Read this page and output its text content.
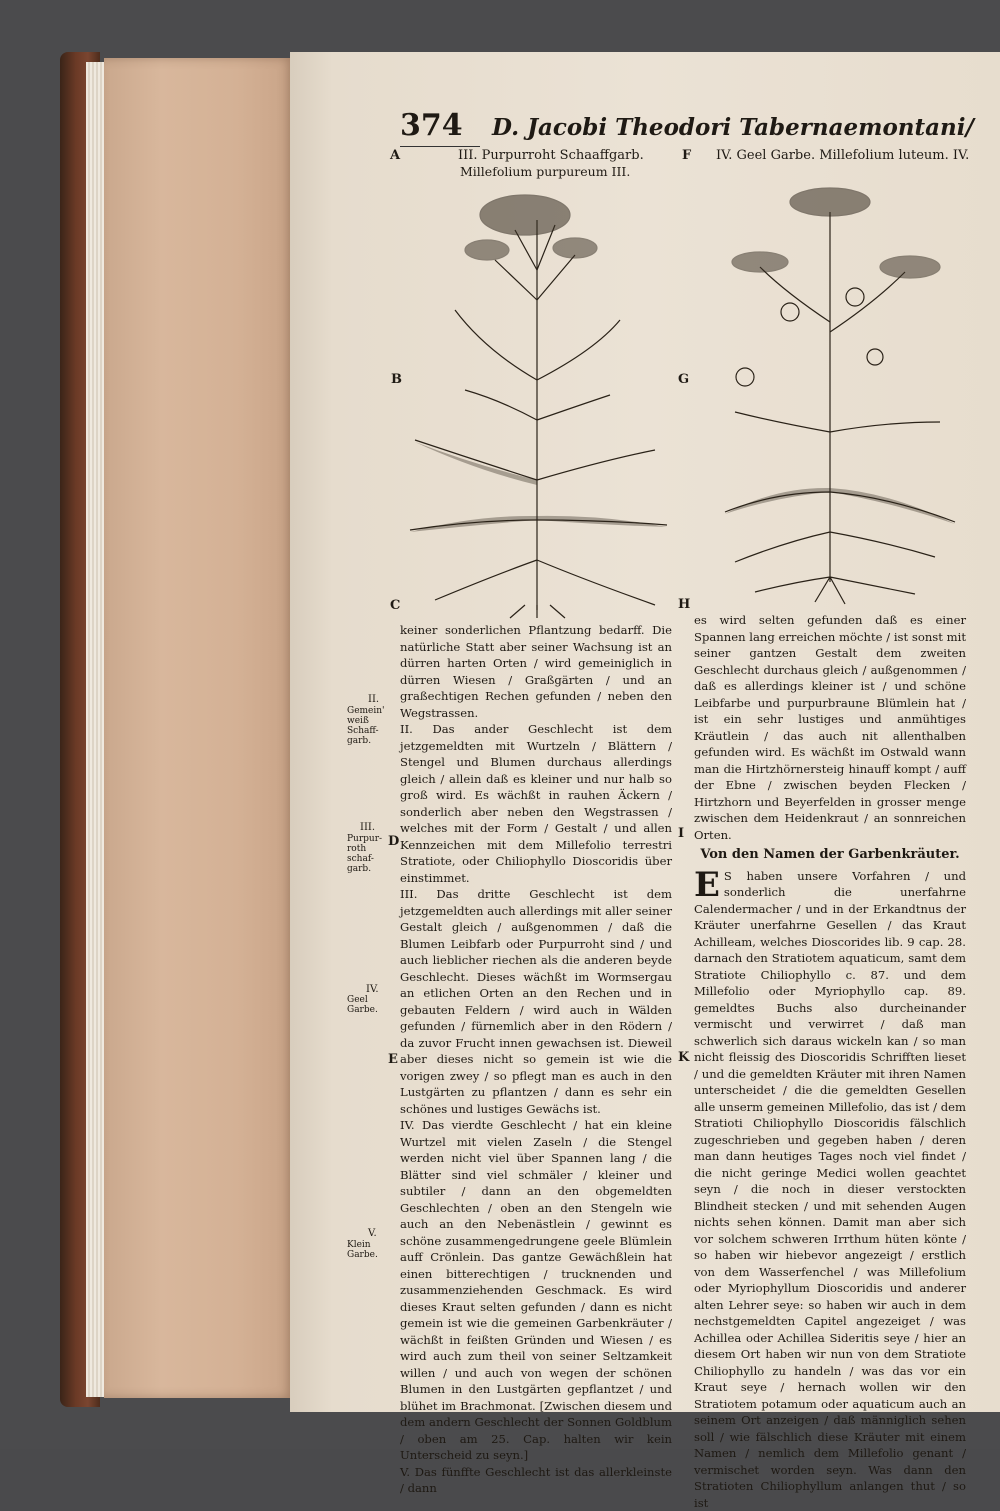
374 D. Jacobi Theodori Tabernaemontani/
A	III. Purpurroht Schaaffgarb.
Millefolium purpureum III.
F IV. Geel Garbe. Millefolium luteum. IV.
B
C
G
H
D
E
I
K
II.
Gemein' weiß Schaff-garb.
III.
Purpur-roth schaf-garb.
IV.
Geel Garbe.
V.
Klein Garbe.

keiner sonderlichen Pflantzung bedarff. Die natürliche Statt aber seiner Wachsung ist an dürren harten Orten / wird gemeiniglich in dürren Wiesen / Graßgärten / und an graßechtigen Rechen gefunden / neben den Wegstrassen.

II. Das ander Geschlecht ist dem jetzgemeldten mit Wurtzeln / Blättern / Stengel und Blumen durchaus allerdings gleich / allein daß es kleiner und nur halb so groß wird. Es wächßt in rauhen Äckern / sonderlich aber neben den Wegstrassen / welches mit der Form / Gestalt / und allen Kennzeichen mit dem Millefolio terrestri Stratiote, oder Chiliophyllo Dioscoridis über einstimmet.

III. Das dritte Geschlecht ist dem jetzgemeldten auch allerdings mit aller seiner Gestalt gleich / außgenommen / daß die Blumen Leibfarb oder Purpurroht sind / und auch lieblicher riechen als die anderen beyde Geschlecht. Dieses wächßt im Wormsergau an etlichen Orten an den Rechen und in gebauten Feldern / wird auch in Wälden gefunden / fürnemlich aber in den Rödern / da zuvor Frucht innen gewachsen ist. Dieweil aber dieses nicht so gemein ist wie die vorigen zwey / so pflegt man es auch in den Lustgärten zu pflantzen / dann es sehr ein schönes und lustiges Gewächs ist.

IV. Das vierdte Geschlecht / hat ein kleine Wurtzel mit vielen Zaseln / die Stengel werden nicht viel über Spannen lang / die Blätter sind viel schmäler / kleiner und subtiler / dann an den obgemeldten Geschlechten / oben an den Stengeln wie auch an den Nebenästlein / gewinnt es schöne zusammengedrungene geele Blümlein auff Crönlein. Das gantze Gewächßlein hat einen bitterechtigen / trucknenden und zusammenziehenden Geschmack. Es wird dieses Kraut selten gefunden / dann es nicht gemein ist wie die gemeinen Garbenkräuter / wächßt in feißten Gründen und Wiesen / es wird auch zum theil von seiner Seltzamkeit willen / und auch von wegen der schönen Blumen in den Lustgärten gepflantzet / und blühet im Brachmonat. [Zwischen diesem und dem andern Geschlecht der Sonnen Goldblum / oben am 25. Cap. halten wir kein Unterscheid zu seyn.]

V. Das fünffte Geschlecht ist das allerkleinste / dann

es wird selten gefunden daß es einer Spannen lang erreichen möchte / ist sonst mit seiner gantzen Gestalt dem zweiten Geschlecht durchaus gleich / außgenommen / daß es allerdings kleiner ist / und schöne Leibfarbe und purpurbraune Blümlein hat / ist ein sehr lustiges und anmühtiges Kräutlein / das auch nit allenthalben gefunden wird. Es wächßt im Ostwald wann man die Hirtzhörnersteig hinauff kompt / auff der Ebne / zwischen beyden Flecken / Hirtzhorn und Beyerfelden in grosser menge zwischen dem Heidenkraut / an sonnreichen Orten.

Von den Namen der Garbenkräuter.

E S haben unsere Vorfahren / und sonderlich die unerfahrne Calendermacher / und in der Erkandtnus der Kräuter unerfahrne Gesellen / das Kraut Achilleam, welches Dioscorides lib. 9 cap. 28. darnach den Stratiotem aquaticum, samt dem Stratiote Chiliophyllo c. 87. und dem Millefolio oder Myriophyllo cap. 89. gemeldtes Buchs also durcheinander vermischt und verwirret / daß man schwerlich sich daraus wickeln kan / so man nicht fleissig des Dioscoridis Schrifften lieset / und die gemeldten Kräuter mit ihren Namen unterscheidet / die die gemeldten Gesellen alle unserm gemeinen Millefolio, das ist / dem Stratioti Chiliophyllo Dioscoridis fälschlich zugeschrieben und gegeben haben / deren man dann heutiges Tages noch viel findet / die nicht geringe Medici wollen geachtet seyn / die noch in dieser verstockten Blindheit stecken / und mit sehenden Augen nichts sehen können. Damit man aber sich vor solchem schweren Irrthum hüten könte / so haben wir hiebevor angezeigt / erstlich von dem Wasserfenchel / was Millefolium oder Myriophyllum Dioscoridis und anderer alten Lehrer seye: so haben wir auch in dem nechstgemeldten Capitel angezeiget / was Achillea oder Achillea Sideritis seye / hier an diesem Ort haben wir nun von dem Stratiote Chiliophyllo zu handeln / was das vor ein Kraut seye / hernach wollen wir den Stratiotem potamum oder aquaticum auch an seinem Ort anzeigen / daß männiglich sehen soll / wie fälschlich diese Kräuter mit einem Namen / nemlich dem Millefolio genant / vermischet worden seyn. Was dann den Stratioten Chiliophyllum anlangen thut / so ist
